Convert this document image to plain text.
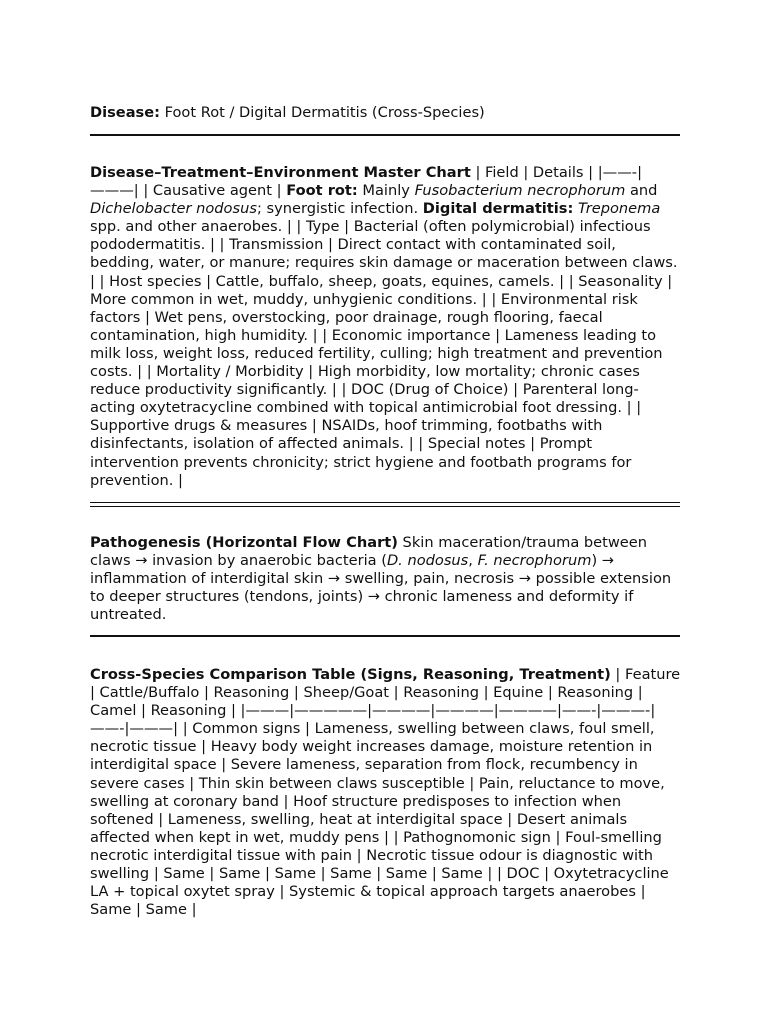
Disease: Foot Rot / Digital Dermatitis (Cross-Species)
Disease–Treatment–Environment Master Chart | Field | Details | |——-|———| | Causative agent | Foot rot: Mainly Fusobacterium necrophorum and Dichelobacter nodosus; synergistic infection. Digital dermatitis: Treponema spp. and other anaerobes. | | Type | Bacterial (often polymicrobial) infectious pododermatitis. | | Transmission | Direct contact with contaminated soil, bedding, water, or manure; requires skin damage or maceration between claws. | | Host species | Cattle, buffalo, sheep, goats, equines, camels. | | Seasonality | More common in wet, muddy, unhygienic conditions. | | Environmental risk factors | Wet pens, overstocking, poor drainage, rough flooring, faecal contamination, high humidity. | | Economic importance | Lameness leading to milk loss, weight loss, reduced fertility, culling; high treatment and prevention costs. | | Mortality / Morbidity | High morbidity, low mortality; chronic cases reduce productivity significantly. | | DOC (Drug of Choice) | Parenteral long-acting oxytetracycline combined with topical antimicrobial foot dressing. | | Supportive drugs & measures | NSAIDs, hoof trimming, footbaths with disinfectants, isolation of affected animals. | | Special notes | Prompt intervention prevents chronicity; strict hygiene and footbath programs for prevention. |
Pathogenesis (Horizontal Flow Chart) Skin maceration/trauma between claws → invasion by anaerobic bacteria (D. nodosus, F. necrophorum) → inflammation of interdigital skin → swelling, pain, necrosis → possible extension to deeper structures (tendons, joints) → chronic lameness and deformity if untreated.
Cross-Species Comparison Table (Signs, Reasoning, Treatment) | Feature | Cattle/Buffalo | Reasoning | Sheep/Goat | Reasoning | Equine | Reasoning | Camel | Reasoning | |———|—————|————|————|————|——-|———-|——-|———| | Common signs | Lameness, swelling between claws, foul smell, necrotic tissue | Heavy body weight increases damage, moisture retention in interdigital space | Severe lameness, separation from flock, recumbency in severe cases | Thin skin between claws susceptible | Pain, reluctance to move, swelling at coronary band | Hoof structure predisposes to infection when softened | Lameness, swelling, heat at interdigital space | Desert animals affected when kept in wet, muddy pens | | Pathognomonic sign | Foul-smelling necrotic interdigital tissue with pain | Necrotic tissue odour is diagnostic with swelling | Same | Same | Same | Same | Same | Same | | DOC | Oxytetracycline LA + topical oxytet spray | Systemic & topical approach targets anaerobes | Same | Same |
